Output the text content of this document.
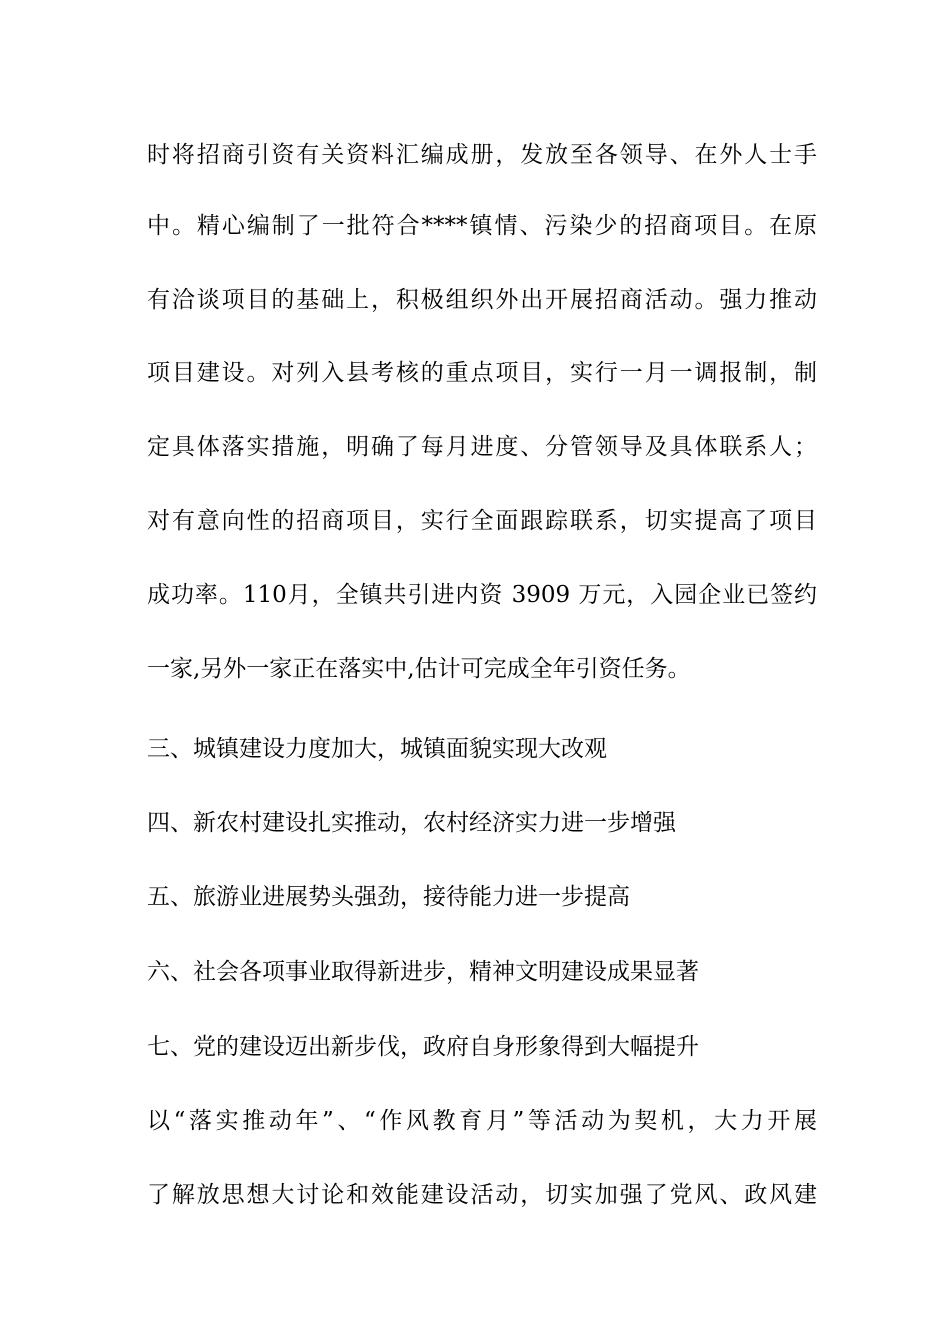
时将招商引资有关资料汇编成册，发放至各领导、在外人士手
中。精心编制了一批符合****镇情、污染少的招商项目。在原
有洽谈项目的基础上，积极组织外出开展招商活动。强力推动
项目建设。对列入县考核的重点项目，实行一月一调报制，制
定具体落实措施，明确了每月进度、分管领导及具体联系人；
对有意向性的招商项目，实行全面跟踪联系，切实提高了项目
成功率。110月，全镇共引进内资 3909 万元，入园企业已签约
一家,另外一家正在落实中,估计可完成全年引资任务。
三、城镇建设力度加大，城镇面貌实现大改观
四、新农村建设扎实推动，农村经济实力进一步增强
五、旅游业进展势头强劲，接待能力进一步提高
六、社会各项事业取得新进步，精神文明建设成果显著
七、党的建设迈出新步伐，政府自身形象得到大幅提升
以“落实推动年”、“作风教育月”等活动为契机，大力开展
了解放思想大讨论和效能建设活动，切实加强了党风、政风建
